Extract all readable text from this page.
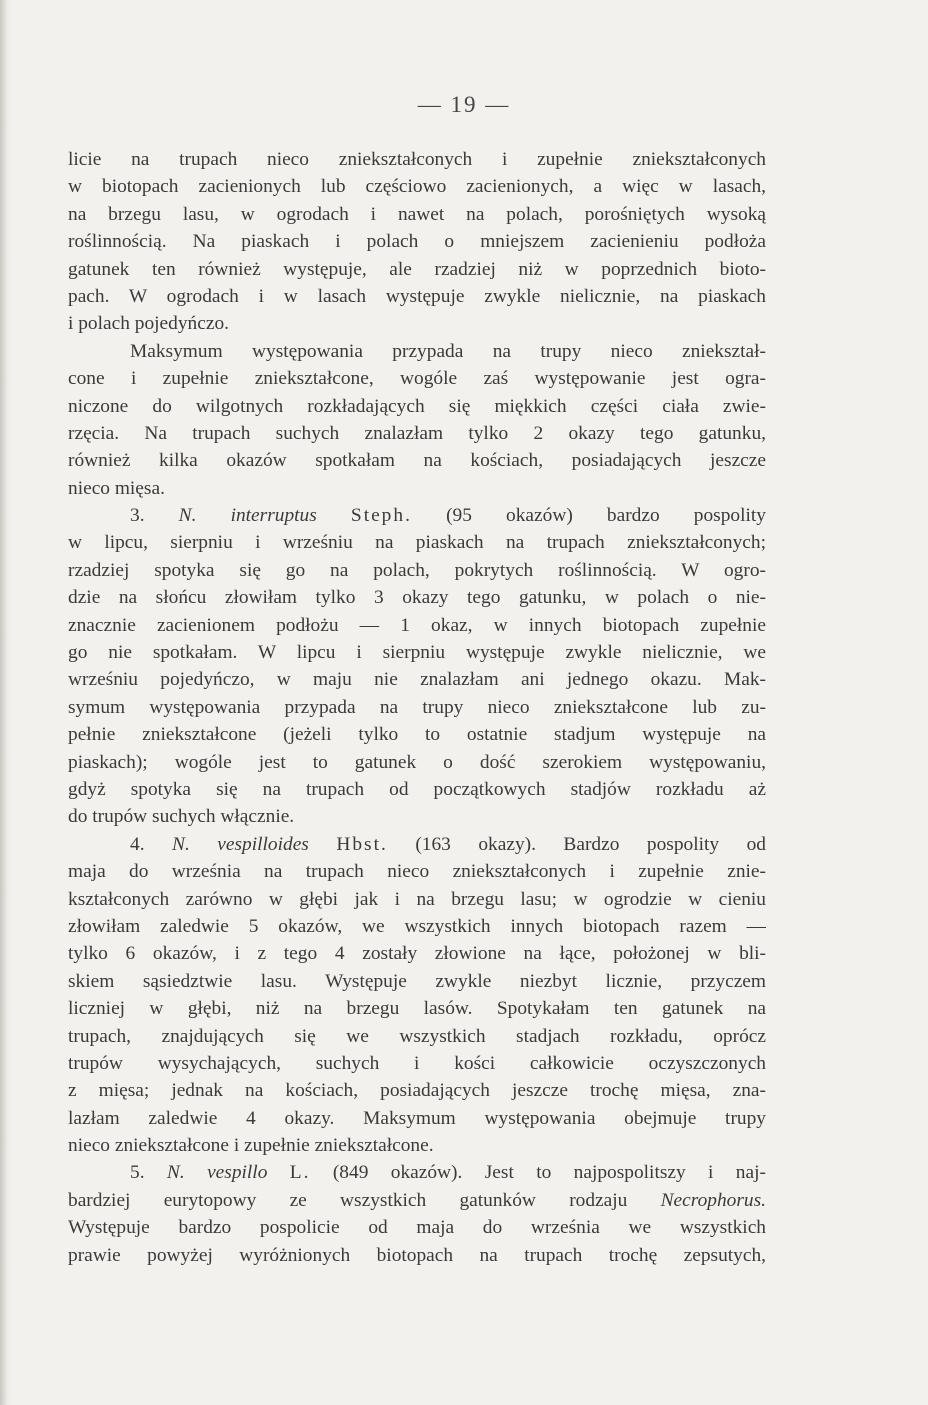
— 19 —
licie na trupach nieco zniekształconych i zupełnie zniekształconych
w biotopach zacienionych lub częściowo zacienionych, a więc w lasach,
na brzegu lasu, w ogrodach i nawet na polach, porośniętych wysoką
roślinnością. Na piaskach i polach o mniejszem zacienieniu podłoża
gatunek ten również występuje, ale rzadziej niż w poprzednich bioto-
pach. W ogrodach i w lasach występuje zwykle nielicznie, na piaskach
i polach pojedyńczo.
Maksymum występowania przypada na trupy nieco zniekształ-
cone i zupełnie zniekształcone, wogóle zaś występowanie jest ogra-
niczone do wilgotnych rozkładających się miękkich części ciała zwie-
rzęcia. Na trupach suchych znalazłam tylko 2 okazy tego gatunku,
również kilka okazów spotkałam na kościach, posiadających jeszcze
nieco mięsa.
3. N. interruptus Steph. (95 okazów) bardzo pospolity
w lipcu, sierpniu i wrześniu na piaskach na trupach zniekształconych;
rzadziej spotyka się go na polach, pokrytych roślinnością. W ogro-
dzie na słońcu złowiłam tylko 3 okazy tego gatunku, w polach o nie-
znacznie zacienionem podłożu — 1 okaz, w innych biotopach zupełnie
go nie spotkałam. W lipcu i sierpniu występuje zwykle nielicznie, we
wrześniu pojedyńczo, w maju nie znalazłam ani jednego okazu. Mak-
symum występowania przypada na trupy nieco zniekształcone lub zu-
pełnie zniekształcone (jeżeli tylko to ostatnie stadjum występuje na
piaskach); wogóle jest to gatunek o dość szerokiem występowaniu,
gdyż spotyka się na trupach od początkowych stadjów rozkładu aż
do trupów suchych włącznie.
4. N. vespilloides Hbst. (163 okazy). Bardzo pospolity od
maja do września na trupach nieco zniekształconych i zupełnie znie-
kształconych zarówno w głębi jak i na brzegu lasu; w ogrodzie w cieniu
złowiłam zaledwie 5 okazów, we wszystkich innych biotopach razem —
tylko 6 okazów, i z tego 4 zostały złowione na łące, położonej w bli-
skiem sąsiedztwie lasu. Występuje zwykle niezbyt licznie, przyczem
liczniej w głębi, niż na brzegu lasów. Spotykałam ten gatunek na
trupach, znajdujących się we wszystkich stadjach rozkładu, oprócz
trupów wysychających, suchych i kości całkowicie oczyszczonych
z mięsa; jednak na kościach, posiadających jeszcze trochę mięsa, zna-
lazłam zaledwie 4 okazy. Maksymum występowania obejmuje trupy
nieco zniekształcone i zupełnie zniekształcone.
5. N. vespillo L. (849 okazów). Jest to najpospolitszy i naj-
bardziej eurytopowy ze wszystkich gatunków rodzaju Necrophorus.
Występuje bardzo pospolicie od maja do września we wszystkich
prawie powyżej wyróżnionych biotopach na trupach trochę zepsutych,
